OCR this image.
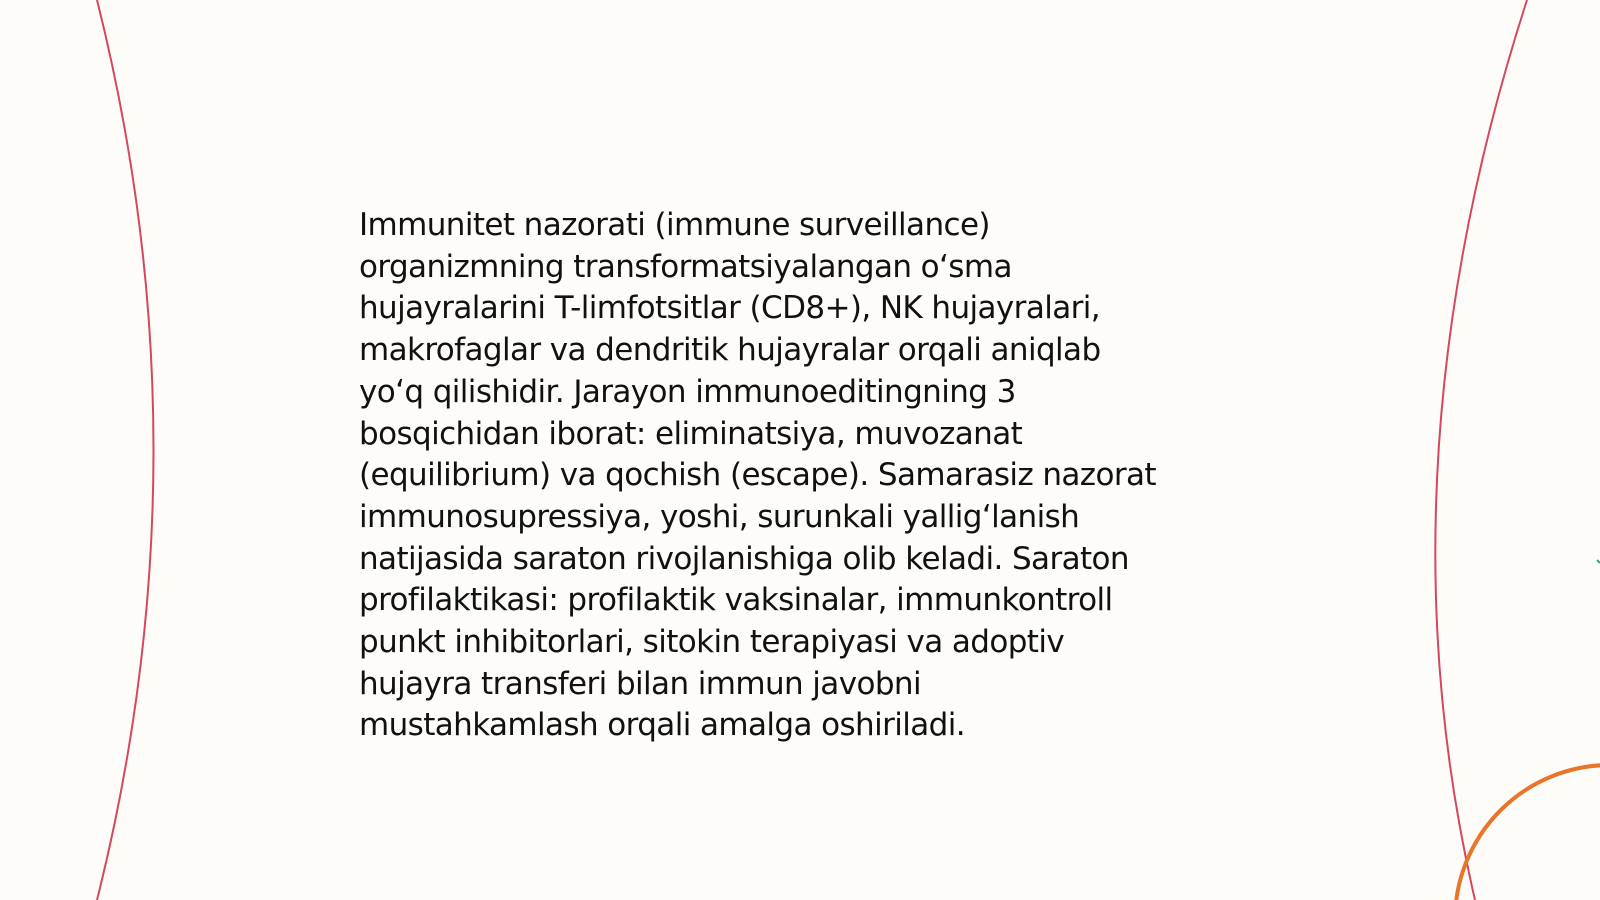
Immunitet nazorati (immune surveillance)
organizmning transformatsiyalangan o‘sma
hujayralarini T-limfotsitlar (CD8+), NK hujayralari,
makrofaglar va dendritik hujayralar orqali aniqlab
yo‘q qilishidir. Jarayon immunoeditingning 3
bosqichidan iborat: eliminatsiya, muvozanat
(equilibrium) va qochish (escape). Samarasiz nazorat
immunosupressiya, yoshi, surunkali yallig‘lanish
natijasida saraton rivojlanishiga olib keladi. Saraton
profilaktikasi: profilaktik vaksinalar, immunkontroll
punkt inhibitorlari, sitokin terapiyasi va adoptiv
hujayra transferi bilan immun javobni
mustahkamlash orqali amalga oshiriladi.
